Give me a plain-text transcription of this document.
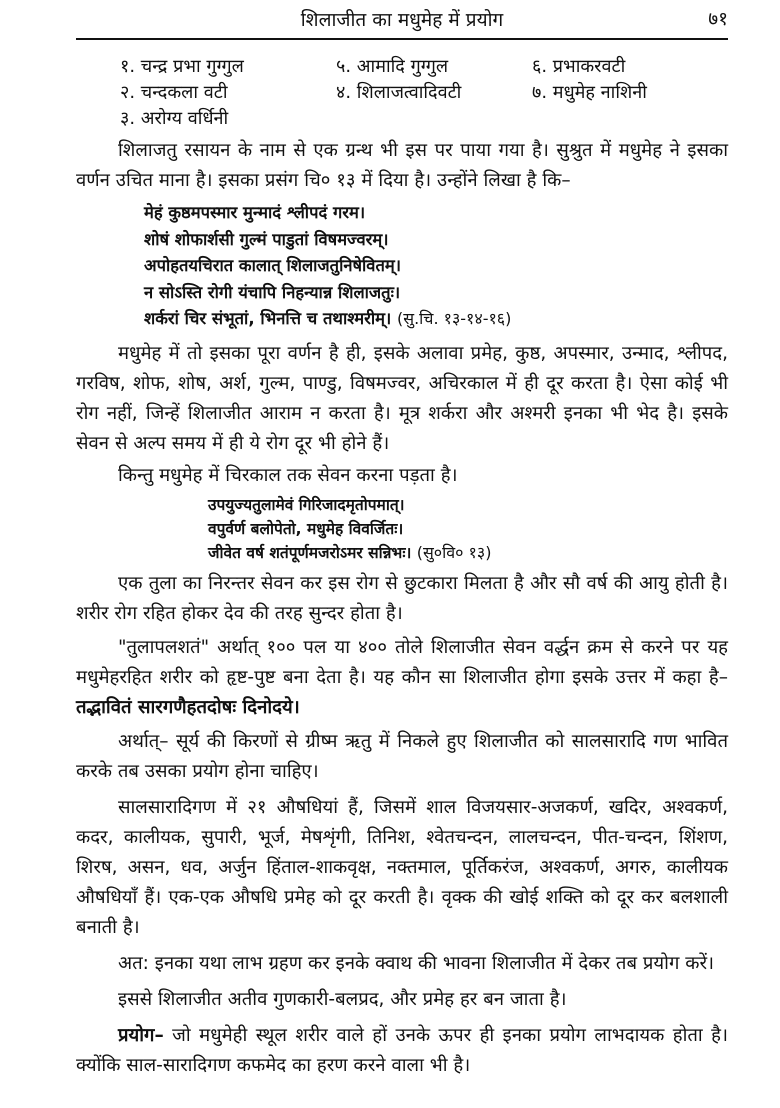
शिलाजीत का मधुमेह में प्रयोग	७१
१. चन्द्र प्रभा गुग्गुल	५. आमादि गुग्गुल	६. प्रभाकरवटी
२. चन्दकला वटी	४. शिलाजत्वादिवटी	७. मधुमेह नाशिनी
३. अरोग्य वर्धिनी

शिलाजतु रसायन के नाम से एक ग्रन्थ भी इस पर पाया गया है। सुश्रुत में मधुमेह ने इसका वर्णन उचित माना है। इसका प्रसंग चि० १३ में दिया है। उन्होंने लिखा है कि–

मेहं कुष्ठमपस्मार मुन्मादं श्लीपदं गरम।
शोषं शोफार्शसी गुल्मं पाडुतां विषमज्वरम्।
अपोहतयचिरात कालात् शिलाजतुनिषेवितम्।
न सोऽस्ति रोगी यंचापि निहन्यान्न शिलाजतुः।
शर्करां चिर संभूतां, भिनत्ति च तथाश्मरीम्। (सु.चि. १३-१४-१६)

मधुमेह में तो इसका पूरा वर्णन है ही, इसके अलावा प्रमेह, कुष्ठ, अपस्मार, उन्माद, श्लीपद, गरविष, शोफ, शोष, अर्श, गुल्म, पाण्डु, विषमज्वर, अचिरकाल में ही दूर करता है। ऐसा कोई भी रोग नहीं, जिन्हें शिलाजीत आराम न करता है। मूत्र शर्करा और अश्मरी इनका भी भेद है। इसके सेवन से अल्प समय में ही ये रोग दूर भी होने हैं।

किन्तु मधुमेह में चिरकाल तक सेवन करना पड़ता है।

उपयुज्यतुलामेवं गिरिजादमृतोपमात्।
वपुर्वर्ण बलोपेतो, मधुमेह विवर्जितः।
जीवेत वर्ष शतंपूर्णमजरोऽमर सन्निभः। (सु०वि० १३)

एक तुला का निरन्तर सेवन कर इस रोग से छुटकारा मिलता है और सौ वर्ष की आयु होती है। शरीर रोग रहित होकर देव की तरह सुन्दर होता है।

"तुलापलशतं" अर्थात् १०० पल या ४०० तोले शिलाजीत सेवन वर्द्धन क्रम से करने पर यह मधुमेहरहित शरीर को हृष्ट-पुष्ट बना देता है। यह कौन सा शिलाजीत होगा इसके उत्तर में कहा है– तद्भावितं सारगणैहतदोषः दिनोदये।

अर्थात्– सूर्य की किरणों से ग्रीष्म ऋतु में निकले हुए शिलाजीत को सालसारादि गण भावित करके तब उसका प्रयोग होना चाहिए।

सालसारादिगण में २१ औषधियां हैं, जिसमें शाल विजयसार-अजकर्ण, खदिर, अश्वकर्ण, कदर, कालीयक, सुपारी, भूर्ज, मेषशृंगी, तिनिश, श्वेतचन्दन, लालचन्दन, पीत-चन्दन, शिंशण, शिरष, असन, धव, अर्जुन हिंताल-शाकवृक्ष, नक्तमाल, पूर्तिकरंज, अश्वकर्ण, अगरु, कालीयक औषधियाँ हैं। एक-एक औषधि प्रमेह को दूर करती है। वृक्क की खोई शक्ति को दूर कर बलशाली बनाती है।

अत: इनका यथा लाभ ग्रहण कर इनके क्वाथ की भावना शिलाजीत में देकर तब प्रयोग करें।

इससे शिलाजीत अतीव गुणकारी-बलप्रद, और प्रमेह हर बन जाता है।

प्रयोग– जो मधुमेही स्थूल शरीर वाले हों उनके ऊपर ही इनका प्रयोग लाभदायक होता है। क्योंकि साल-सारादिगण कफमेद का हरण करने वाला भी है।
